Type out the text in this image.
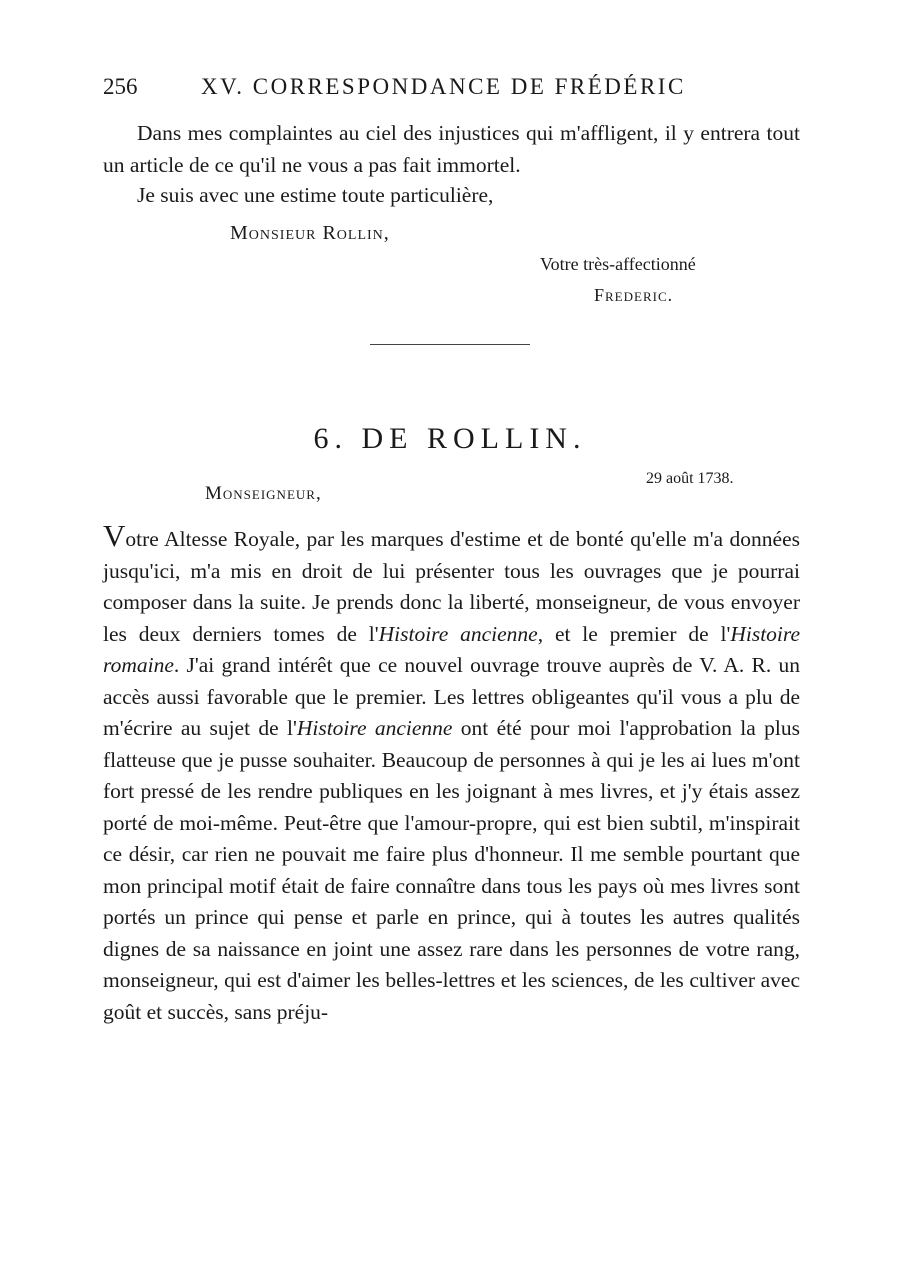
256	XV. CORRESPONDANCE DE FRÉDÉRIC

Dans mes complaintes au ciel des injustices qui m'affligent, il y entrera tout un article de ce qu'il ne vous a pas fait immortel.

Je suis avec une estime toute particulière,
Monsieur Rollin,
Votre très-affectionné
Frederic.
6. DE ROLLIN.
29 août 1738.
Monseigneur,

Votre Altesse Royale, par les marques d'estime et de bonté qu'elle m'a données jusqu'ici, m'a mis en droit de lui présenter tous les ouvrages que je pourrai composer dans la suite. Je prends donc la liberté, monseigneur, de vous envoyer les deux derniers tomes de l'Histoire ancienne, et le premier de l'Histoire romaine. J'ai grand intérêt que ce nouvel ouvrage trouve auprès de V. A. R. un accès aussi favorable que le premier. Les lettres obligeantes qu'il vous a plu de m'écrire au sujet de l'Histoire ancienne ont été pour moi l'approbation la plus flatteuse que je pusse souhaiter. Beaucoup de personnes à qui je les ai lues m'ont fort pressé de les rendre publiques en les joignant à mes livres, et j'y étais assez porté de moi-même. Peut-être que l'amour-propre, qui est bien subtil, m'inspirait ce désir, car rien ne pouvait me faire plus d'honneur. Il me semble pourtant que mon principal motif était de faire connaître dans tous les pays où mes livres sont portés un prince qui pense et parle en prince, qui à toutes les autres qualités dignes de sa naissance en joint une assez rare dans les personnes de votre rang, monseigneur, qui est d'aimer les belles-lettres et les sciences, de les cultiver avec goût et succès, sans préju-
